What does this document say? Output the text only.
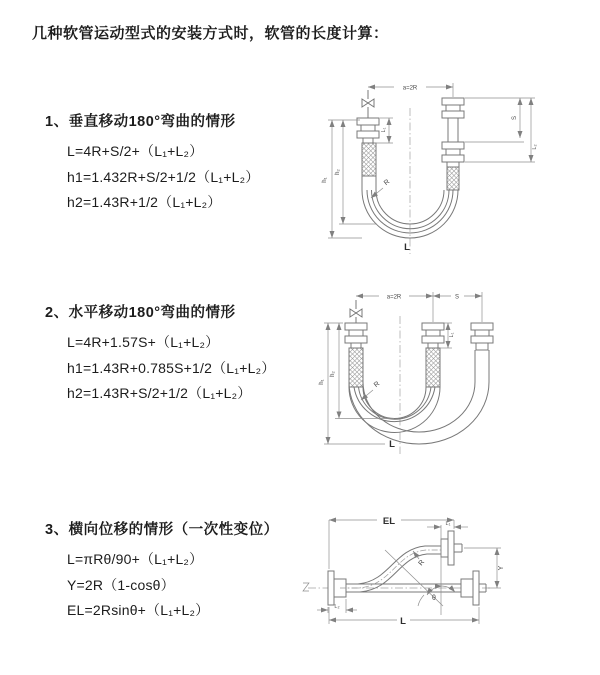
几种软管运动型式的安装方式时，软管的长度计算：
1、垂直移动180°弯曲的情形
L=4R+S/2+（L₁+L₂）
h1=1.432R+S/2+1/2（L₁+L₂）
h2=1.43R+1/2（L₁+L₂）
2、水平移动180°弯曲的情形
L=4R+1.57S+（L₁+L₂）
h1=1.43R+0.785S+1/2（L₁+L₂）
h2=1.43R+S/2+1/2（L₁+L₂）
3、横向位移的情形（一次性变位）
L=πRθ/90+（L₁+L₂）
Y=2R（1-cosθ）
EL=2Rsinθ+（L₁+L₂）
a=2R
h₁
h₂
L₁
S
L₂
R
L
a=2R	S
h₁
h₂
L₁
R
L
θ
R
EL	L₁
Y
L
L₂
